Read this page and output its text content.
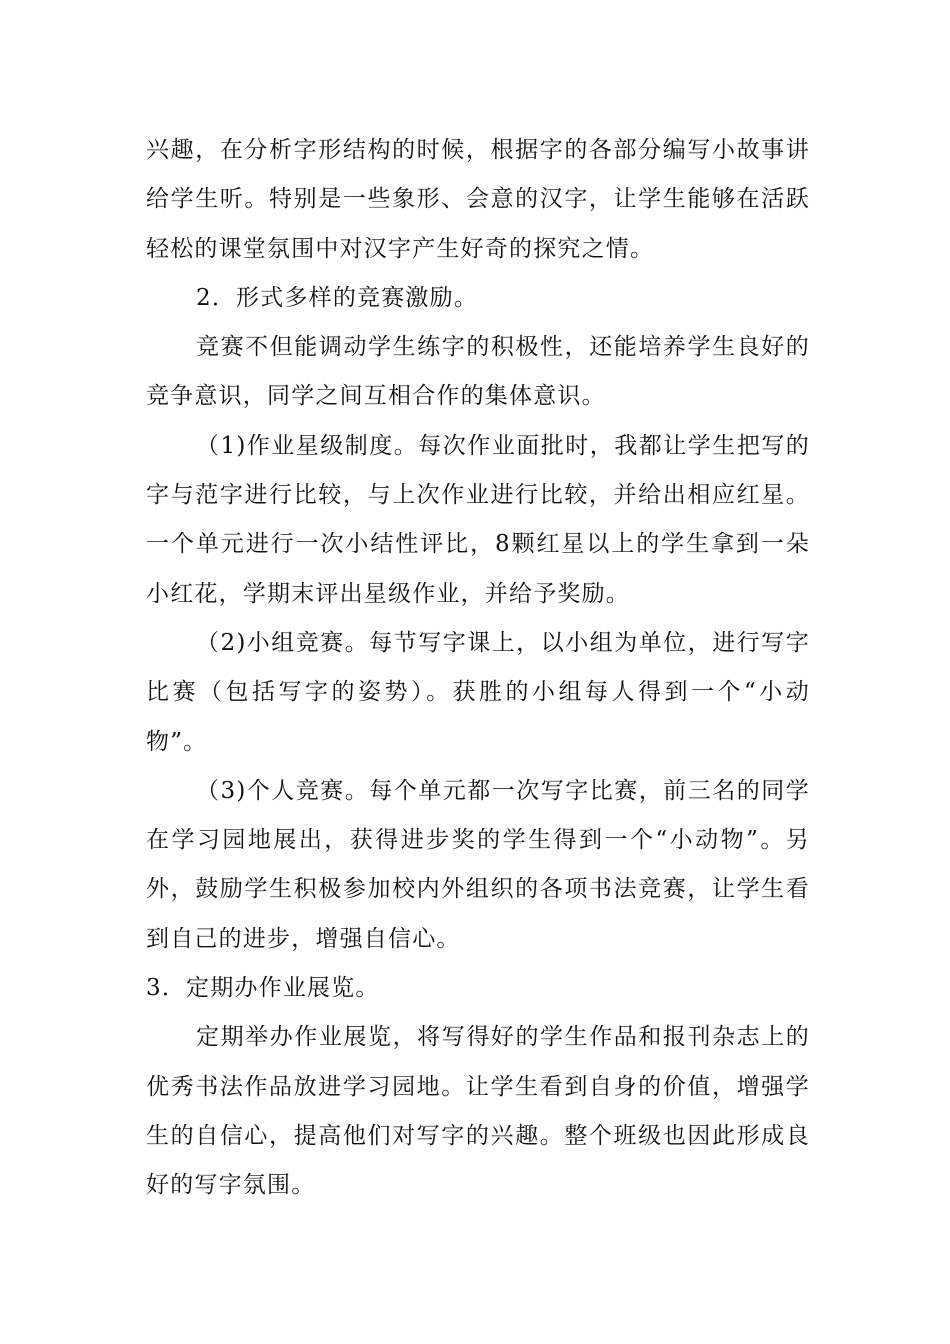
兴趣，在分析字形结构的时候，根据字的各部分编写小故事讲给学生听。特别是一些象形、会意的汉字，让学生能够在活跃轻松的课堂氛围中对汉字产生好奇的探究之情。

2．形式多样的竞赛激励。

竞赛不但能调动学生练字的积极性，还能培养学生良好的竞争意识，同学之间互相合作的集体意识。

（1)作业星级制度。每次作业面批时，我都让学生把写的字与范字进行比较，与上次作业进行比较，并给出相应红星。一个单元进行一次小结性评比，8颗红星以上的学生拿到一朵小红花，学期末评出星级作业，并给予奖励。

（2)小组竞赛。每节写字课上，以小组为单位，进行写字比赛（包括写字的姿势）。获胜的小组每人得到一个“小动物”。

（3)个人竞赛。每个单元都一次写字比赛，前三名的同学在学习园地展出，获得进步奖的学生得到一个“小动物”。另外，鼓励学生积极参加校内外组织的各项书法竞赛，让学生看到自己的进步，增强自信心。

3．定期办作业展览。

定期举办作业展览，将写得好的学生作品和报刊杂志上的优秀书法作品放进学习园地。让学生看到自身的价值，增强学生的自信心，提高他们对写字的兴趣。整个班级也因此形成良好的写字氛围。
